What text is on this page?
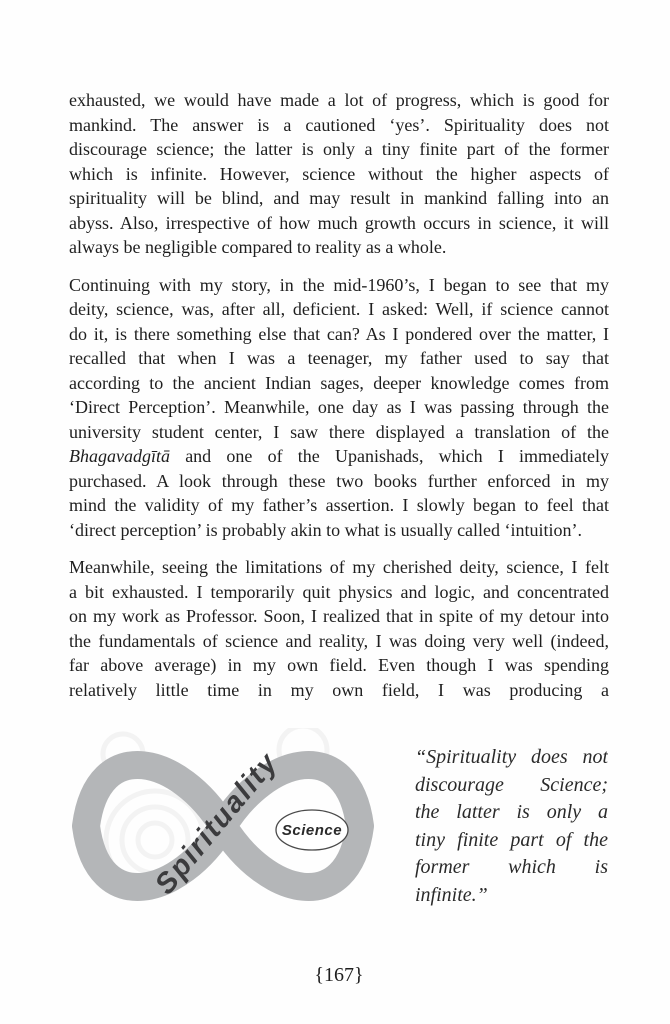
exhausted, we would have made a lot of progress, which is good for
mankind. The answer is a cautioned ‘yes’. Spirituality does not
discourage science; the latter is only a tiny finite part of the former
which is infinite. However, science without the higher aspects of
spirituality will be blind, and may result in mankind falling into an
abyss. Also, irrespective of how much growth occurs in science, it will
always be negligible compared to reality as a whole.
Continuing with my story, in the mid-1960’s, I began to see that my
deity, science, was, after all, deficient. I asked: Well, if science cannot
do it, is there something else that can? As I pondered over the matter, I
recalled that when I was a teenager, my father used to say that
according to the ancient Indian sages, deeper knowledge comes from
‘Direct Perception’. Meanwhile, one day as I was passing through the
university student center, I saw there displayed a translation of the
Bhagavadgītā and one of the Upanishads, which I immediately
purchased. A look through these two books further enforced in my
mind the validity of my father’s assertion. I slowly began to feel that
‘direct perception’ is probably akin to what is usually called ‘intuition’.
Meanwhile, seeing the limitations of my cherished deity, science, I felt
a bit exhausted. I temporarily quit physics and logic, and concentrated
on my work as Professor. Soon, I realized that in spite of my detour into
the fundamentals of science and reality, I was doing very well (indeed,
far above average) in my own field. Even though I was spending
relatively little time in my own field, I was producing a
Spirituality
Science
“Spirituality does not
discourage Science;
the latter is only a
tiny finite part of the
former which is
infinite.”
{167}
